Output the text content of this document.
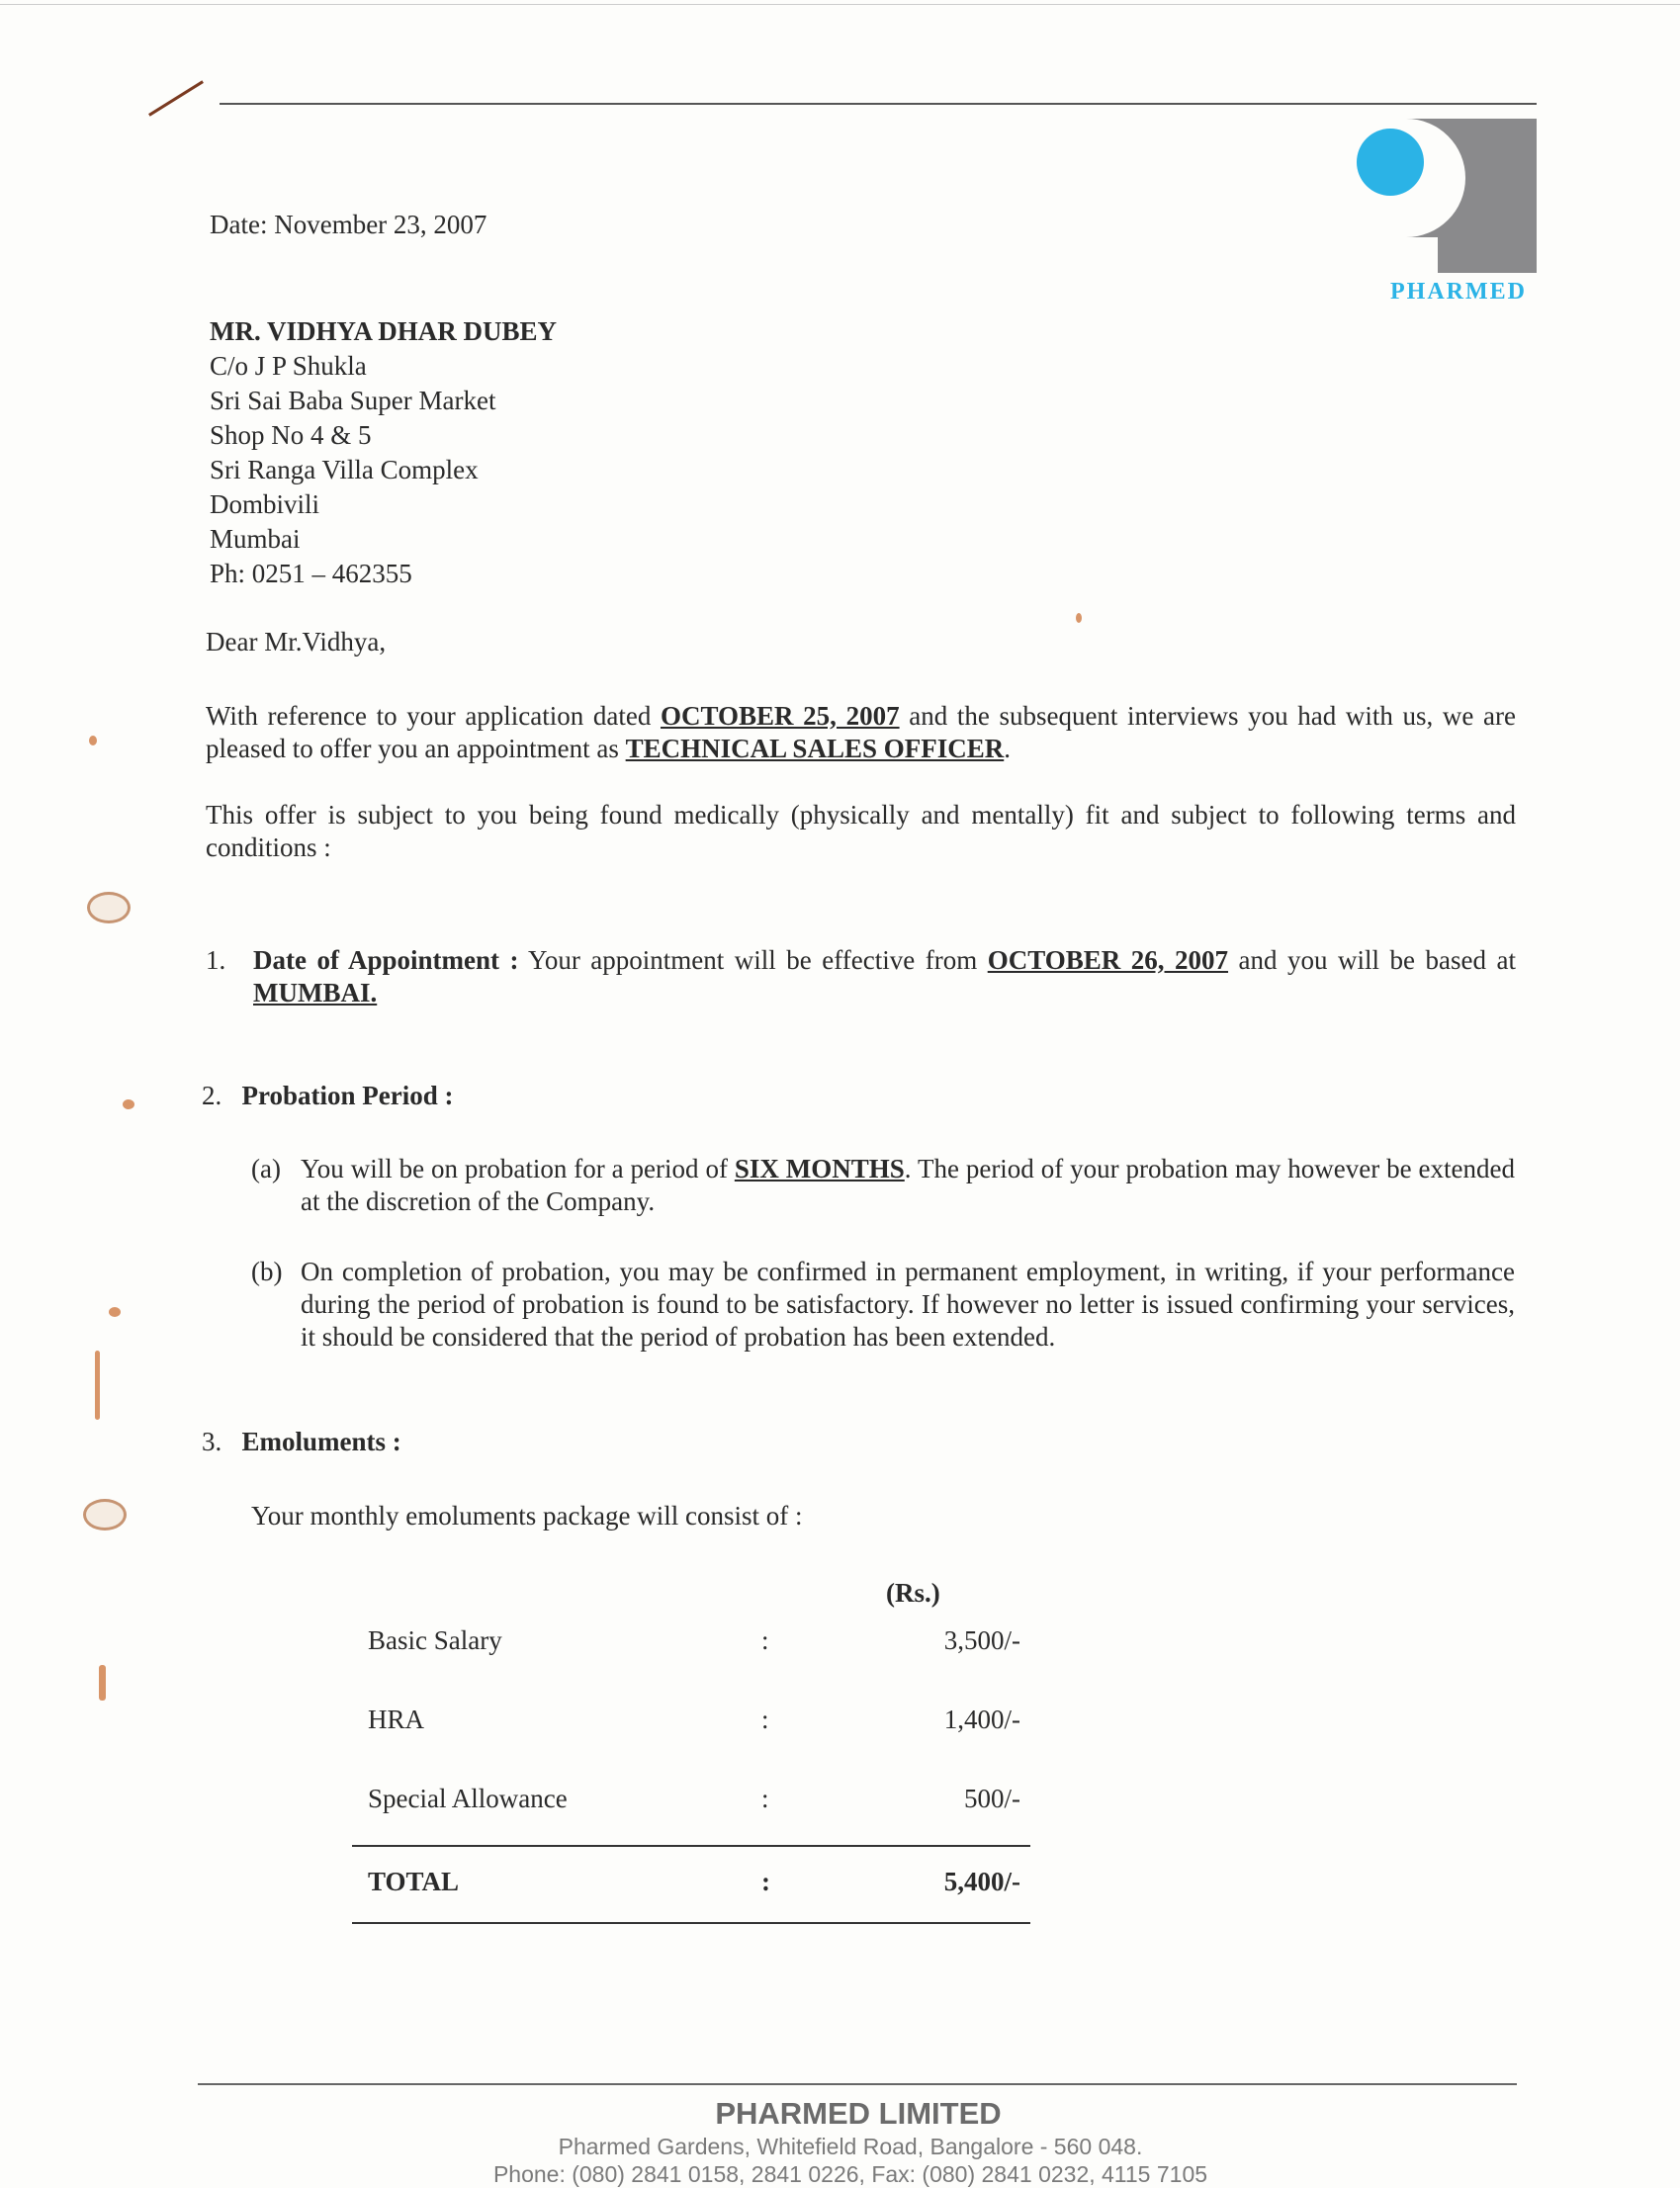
PHARMED
Date: November 23, 2007
MR. VIDHYA DHAR DUBEY
C/o J P Shukla
Sri Sai Baba Super Market
Shop No 4 & 5
Sri Ranga Villa Complex
Dombivili
Mumbai
Ph: 0251 – 462355
Dear Mr.Vidhya,
With reference to your application dated OCTOBER 25, 2007 and the subsequent interviews you had with us, we are pleased to offer you an appointment as TECHNICAL SALES OFFICER.
This offer is subject to you being found medically (physically and mentally) fit and subject to following terms and conditions :
1. Date of Appointment : Your appointment will be effective from OCTOBER 26, 2007 and you will be based at MUMBAI.
2. Probation Period :
(a) You will be on probation for a period of SIX MONTHS. The period of your probation may however be extended at the discretion of the Company.
(b) On completion of probation, you may be confirmed in permanent employment, in writing, if your performance during the period of probation is found to be satisfactory. If however no letter is issued confirming your services, it should be considered that the period of probation has been extended.
3. Emoluments :
Your monthly emoluments package will consist of :
(Rs.)
Basic Salary	:	3,500/-
HRA	:	1,400/-
Special Allowance	:	500/-
TOTAL	:	5,400/-
PHARMED LIMITED
Pharmed Gardens, Whitefield Road, Bangalore - 560 048.
Phone: (080) 2841 0158, 2841 0226, Fax: (080) 2841 0232, 4115 7105
